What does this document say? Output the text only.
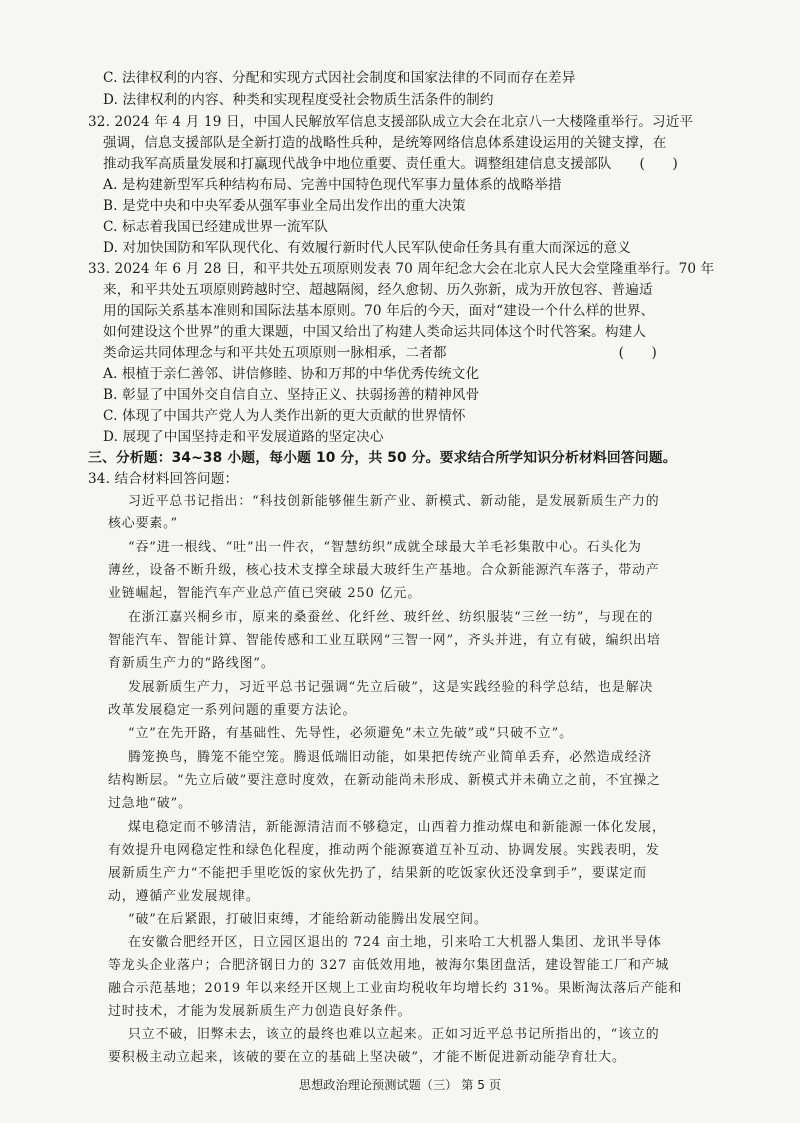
C. 法律权利的内容、分配和实现方式因社会制度和国家法律的不同而存在差异
D. 法律权利的内容、种类和实现程度受社会物质生活条件的制约
32. 2024 年 4 月 19 日，中国人民解放军信息支援部队成立大会在北京八一大楼隆重举行。习近平
强调，信息支援部队是全新打造的战略性兵种，是统筹网络信息体系建设运用的关键支撑，在
推动我军高质量发展和打赢现代战争中地位重要、责任重大。调整组建信息支援部队 (　　)
A. 是构建新型军兵种结构布局、完善中国特色现代军事力量体系的战略举措
B. 是党中央和中央军委从强军事业全局出发作出的重大决策
C. 标志着我国已经建成世界一流军队
D. 对加快国防和军队现代化、有效履行新时代人民军队使命任务具有重大而深远的意义
33. 2024 年 6 月 28 日，和平共处五项原则发表 70 周年纪念大会在北京人民大会堂隆重举行。70 年
来，和平共处五项原则跨越时空、超越隔阂，经久愈韧、历久弥新，成为开放包容、普遍适
用的国际关系基本准则和国际法基本原则。70 年后的今天，面对“建设一个什么样的世界、
如何建设这个世界”的重大课题，中国又给出了构建人类命运共同体这个时代答案。构建人
类命运共同体理念与和平共处五项原则一脉相承，二者都	(　　)
A. 根植于亲仁善邻、讲信修睦、协和万邦的中华优秀传统文化
B. 彰显了中国外交自信自立、坚持正义、扶弱扬善的精神风骨
C. 体现了中国共产党人为人类作出新的更大贡献的世界情怀
D. 展现了中国坚持走和平发展道路的坚定决心
三、分析题：34~38 小题，每小题 10 分，共 50 分。要求结合所学知识分析材料回答问题。
34. 结合材料回答问题：
习近平总书记指出：“科技创新能够催生新产业、新模式、新动能，是发展新质生产力的
核心要素。”
“吞”进一根线、“吐”出一件衣，“智慧纺织”成就全球最大羊毛衫集散中心。石头化为
薄丝，设备不断升级，核心技术支撑全球最大玻纤生产基地。合众新能源汽车落子，带动产
业链崛起，智能汽车产业总产值已突破 250 亿元。
在浙江嘉兴桐乡市，原来的桑蚕丝、化纤丝、玻纤丝、纺织服装“三丝一纺”，与现在的
智能汽车、智能计算、智能传感和工业互联网“三智一网”，齐头并进，有立有破，编织出培
育新质生产力的“路线图”。
发展新质生产力，习近平总书记强调“先立后破”，这是实践经验的科学总结，也是解决
改革发展稳定一系列问题的重要方法论。
“立”在先开路，有基础性、先导性，必须避免“未立先破”或“只破不立”。
腾笼换鸟，腾笼不能空笼。腾退低端旧动能，如果把传统产业简单丢弃，必然造成经济
结构断层。“先立后破”要注意时度效，在新动能尚未形成、新模式并未确立之前，不宜操之
过急地“破”。
煤电稳定而不够清洁，新能源清洁而不够稳定，山西着力推动煤电和新能源一体化发展，
有效提升电网稳定性和绿色化程度，推动两个能源赛道互补互动、协调发展。实践表明，发
展新质生产力“不能把手里吃饭的家伙先扔了，结果新的吃饭家伙还没拿到手”，要谋定而
动，遵循产业发展规律。
“破”在后紧跟，打破旧束缚，才能给新动能腾出发展空间。
在安徽合肥经开区，日立园区退出的 724 亩土地，引来哈工大机器人集团、龙讯半导体
等龙头企业落户；合肥济钢日力的 327 亩低效用地，被海尔集团盘活，建设智能工厂和产城
融合示范基地；2019 年以来经开区规上工业亩均税收年均增长约 31%。果断淘汰落后产能和
过时技术，才能为发展新质生产力创造良好条件。
只立不破，旧弊未去，该立的最终也难以立起来。正如习近平总书记所指出的，“该立的
要积极主动立起来，该破的要在立的基础上坚决破”，才能不断促进新动能孕育壮大。
思想政治理论预测试题（三） 第 5 页
